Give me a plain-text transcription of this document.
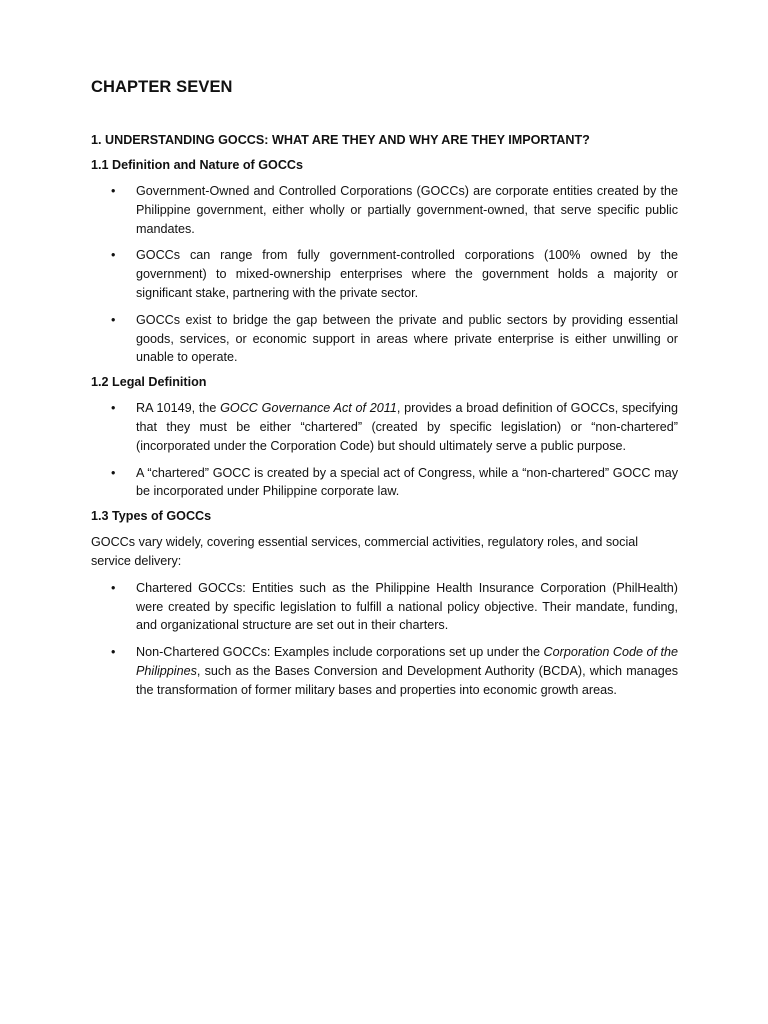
CHAPTER SEVEN
1. UNDERSTANDING GOCCS: WHAT ARE THEY AND WHY ARE THEY IMPORTANT?
1.1 Definition and Nature of GOCCs
• Government-Owned and Controlled Corporations (GOCCs) are corporate entities created by the Philippine government, either wholly or partially government-owned, that serve specific public mandates.
• GOCCs can range from fully government-controlled corporations (100% owned by the government) to mixed-ownership enterprises where the government holds a majority or significant stake, partnering with the private sector.
• GOCCs exist to bridge the gap between the private and public sectors by providing essential goods, services, or economic support in areas where private enterprise is either unwilling or unable to operate.
1.2 Legal Definition
• RA 10149, the GOCC Governance Act of 2011, provides a broad definition of GOCCs, specifying that they must be either “chartered” (created by specific legislation) or “non-chartered” (incorporated under the Corporation Code) but should ultimately serve a public purpose.
• A “chartered” GOCC is created by a special act of Congress, while a “non-chartered” GOCC may be incorporated under Philippine corporate law.
1.3 Types of GOCCs

GOCCs vary widely, covering essential services, commercial activities, regulatory roles, and social service delivery:

• Chartered GOCCs: Entities such as the Philippine Health Insurance Corporation (PhilHealth) were created by specific legislation to fulfill a national policy objective. Their mandate, funding, and organizational structure are set out in their charters.
• Non-Chartered GOCCs: Examples include corporations set up under the Corporation Code of the Philippines, such as the Bases Conversion and Development Authority (BCDA), which manages the transformation of former military bases and properties into economic growth areas.
